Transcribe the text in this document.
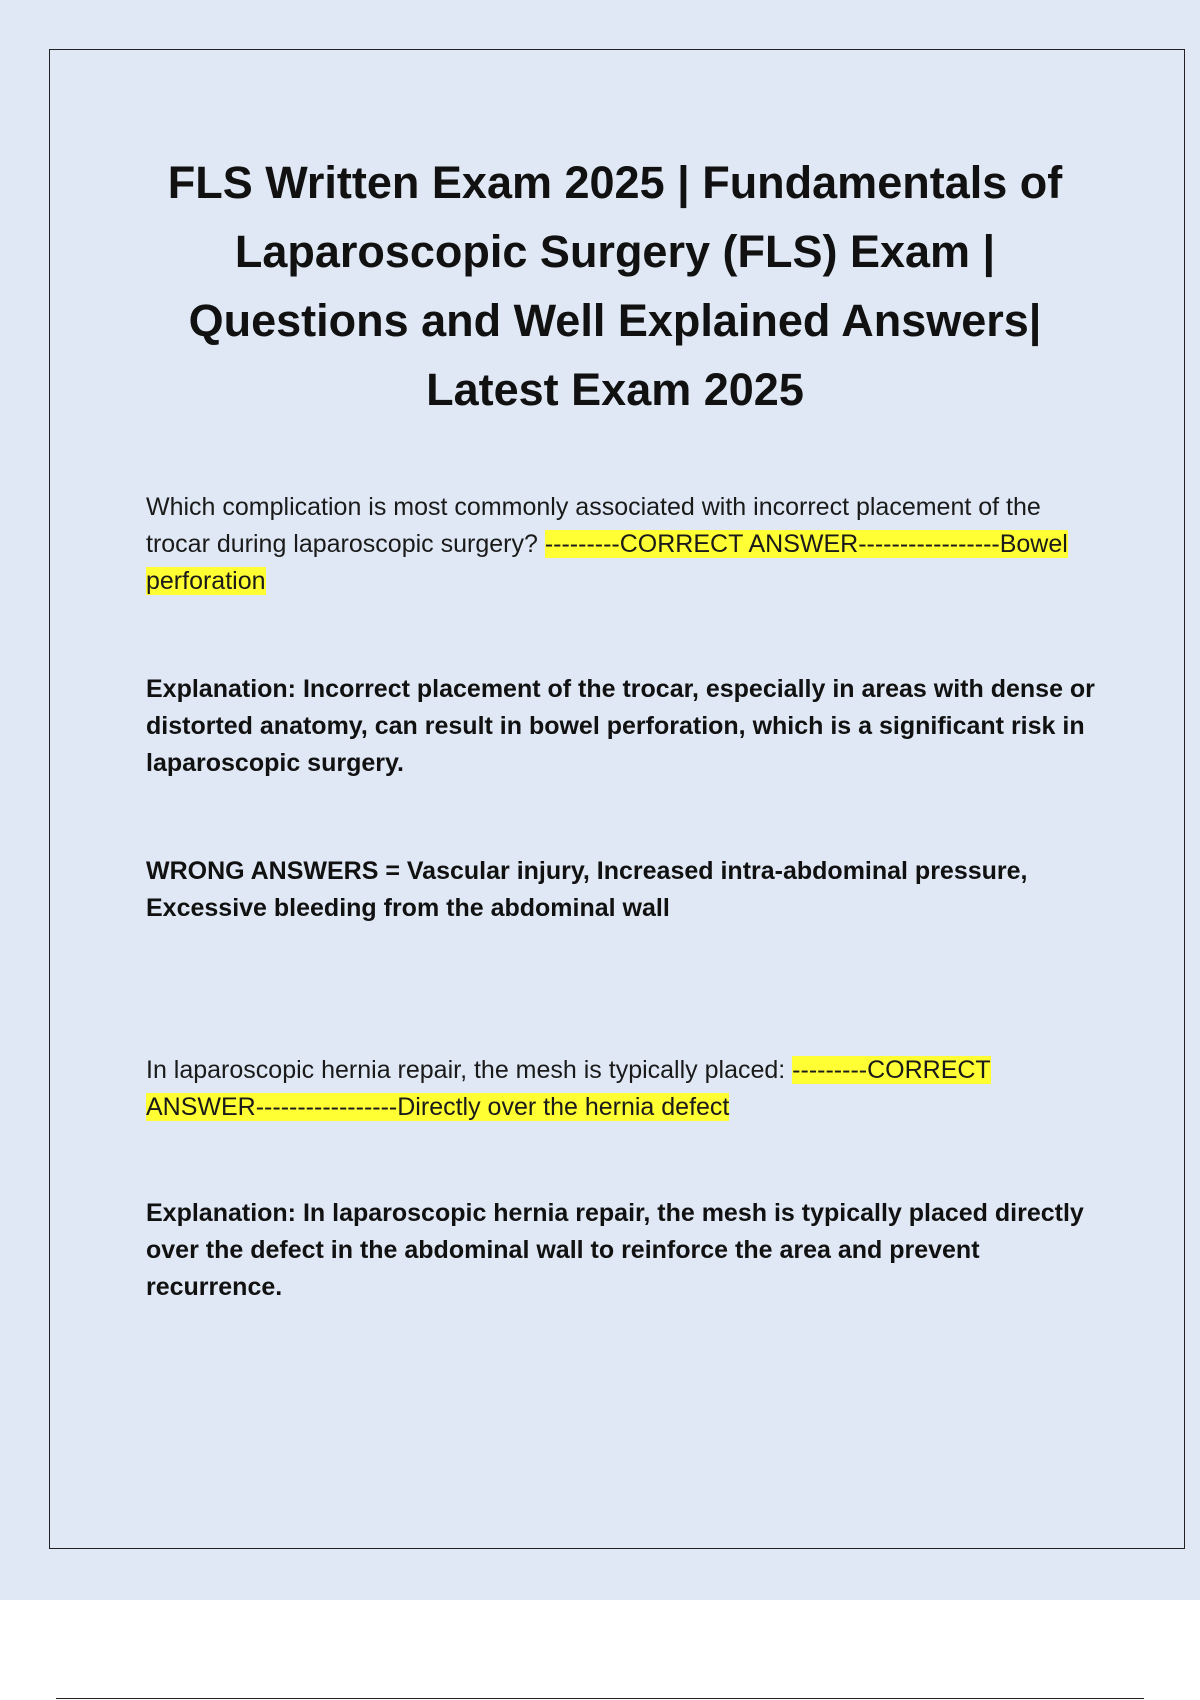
FLS Written Exam 2025 | Fundamentals of Laparoscopic Surgery (FLS) Exam | Questions and Well Explained Answers| Latest Exam 2025

Which complication is most commonly associated with incorrect placement of the trocar during laparoscopic surgery? ---------CORRECT ANSWER-----------------Bowel perforation

Explanation: Incorrect placement of the trocar, especially in areas with dense or distorted anatomy, can result in bowel perforation, which is a significant risk in laparoscopic surgery.

WRONG ANSWERS = Vascular injury, Increased intra-abdominal pressure, Excessive bleeding from the abdominal wall

In laparoscopic hernia repair, the mesh is typically placed: ---------CORRECT ANSWER-----------------Directly over the hernia defect

Explanation: In laparoscopic hernia repair, the mesh is typically placed directly over the defect in the abdominal wall to reinforce the area and prevent recurrence.
